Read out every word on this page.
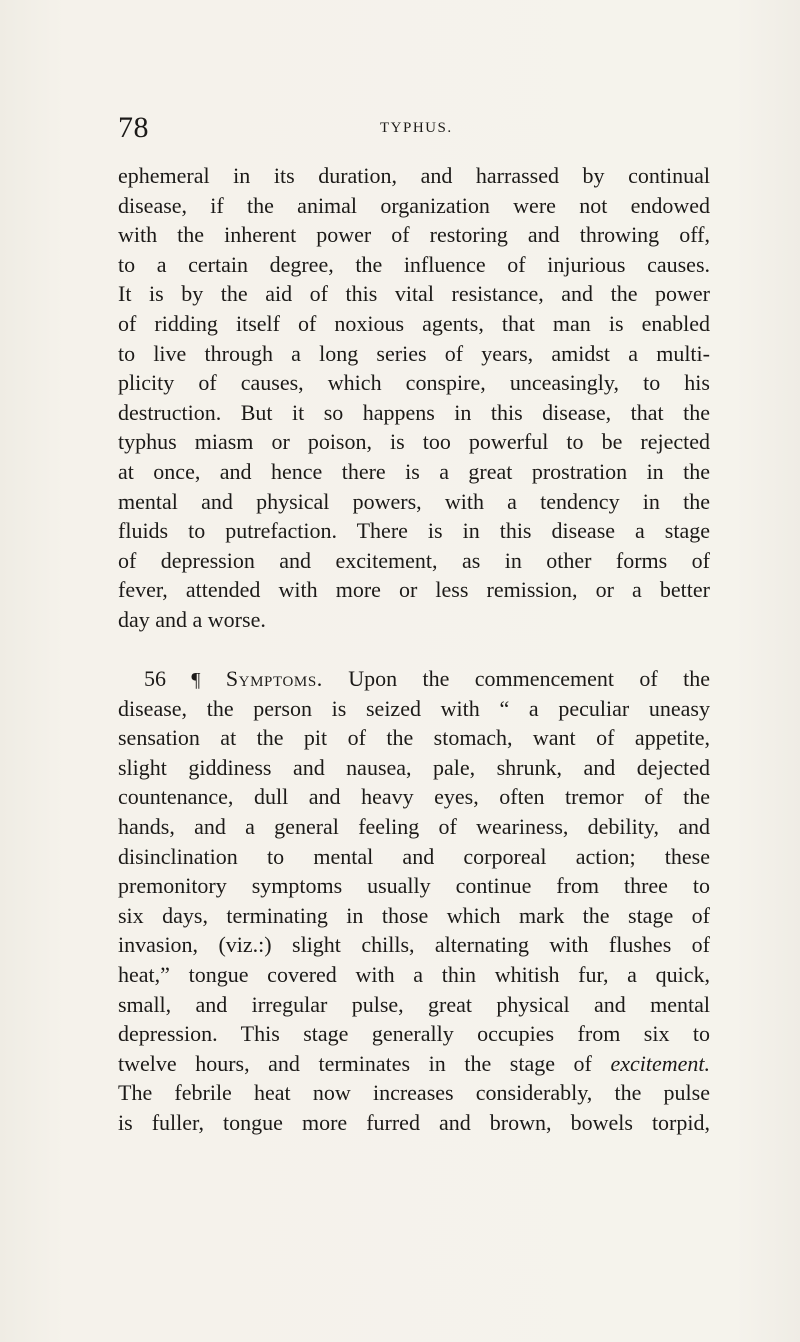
78	TYPHUS.
ephemeral in its duration, and harrassed by continual
disease, if the animal organization were not endowed
with the inherent power of restoring and throwing off,
to a certain degree, the influence of injurious causes.
It is by the aid of this vital resistance, and the power
of ridding itself of noxious agents, that man is enabled
to live through a long series of years, amidst a multi-
plicity of causes, which conspire, unceasingly, to his
destruction. But it so happens in this disease, that the
typhus miasm or poison, is too powerful to be rejected
at once, and hence there is a great prostration in the
mental and physical powers, with a tendency in the
fluids to putrefaction. There is in this disease a stage
of depression and excitement, as in other forms of
fever, attended with more or less remission, or a better
day and a worse.
56 ¶ Symptoms. Upon the commencement of the
disease, the person is seized with “ a peculiar uneasy
sensation at the pit of the stomach, want of appetite,
slight giddiness and nausea, pale, shrunk, and dejected
countenance, dull and heavy eyes, often tremor of the
hands, and a general feeling of weariness, debility, and
disinclination to mental and corporeal action; these
premonitory symptoms usually continue from three to
six days, terminating in those which mark the stage of
invasion, (viz.:) slight chills, alternating with flushes of
heat,” tongue covered with a thin whitish fur, a quick,
small, and irregular pulse, great physical and mental
depression. This stage generally occupies from six to
twelve hours, and terminates in the stage of excitement.
The febrile heat now increases considerably, the pulse
is fuller, tongue more furred and brown, bowels torpid,
